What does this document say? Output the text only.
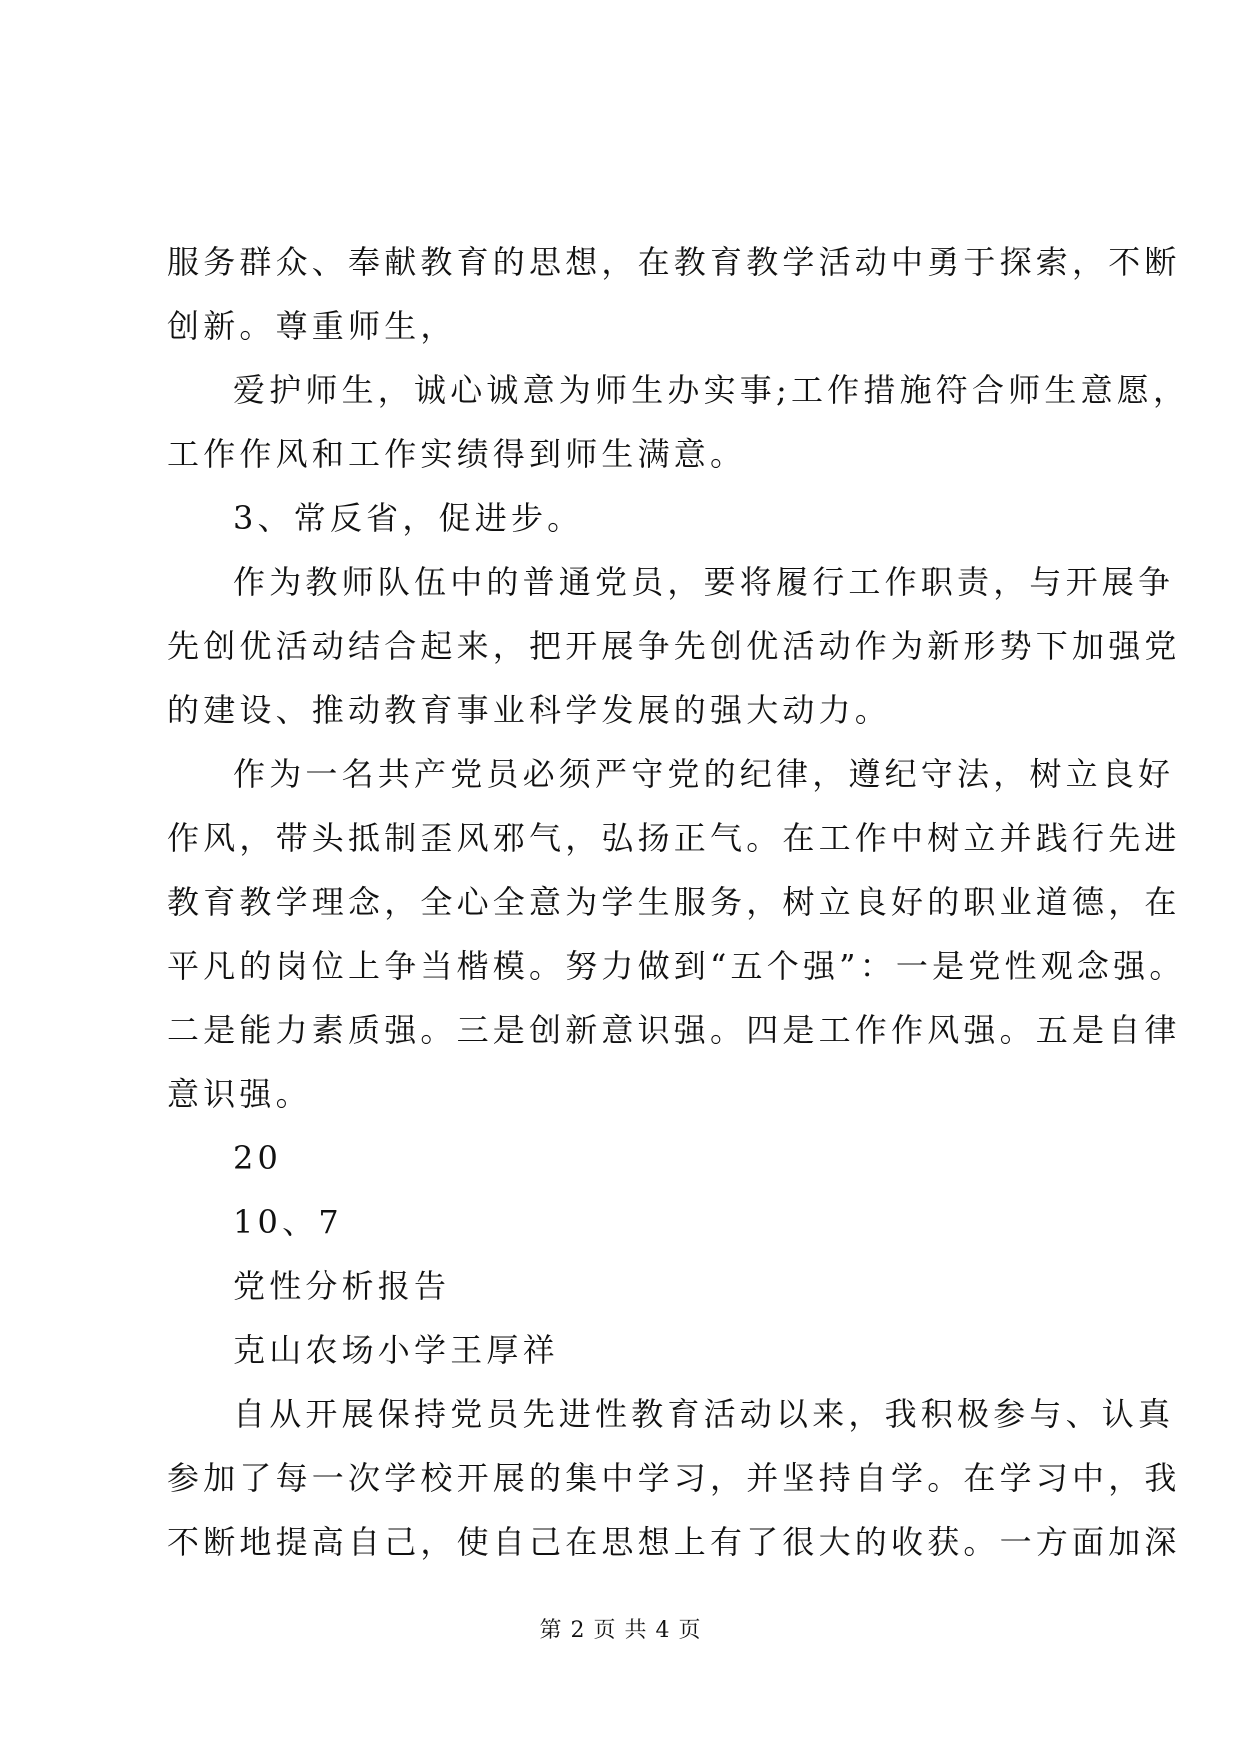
服务群众、奉献教育的思想，在教育教学活动中勇于探索，不断
创新。尊重师生，
爱护师生，诚心诚意为师生办实事;工作措施符合师生意愿，
工作作风和工作实绩得到师生满意。
3、常反省，促进步。
作为教师队伍中的普通党员，要将履行工作职责，与开展争
先创优活动结合起来，把开展争先创优活动作为新形势下加强党
的建设、推动教育事业科学发展的强大动力。
作为一名共产党员必须严守党的纪律，遵纪守法，树立良好
作风，带头抵制歪风邪气，弘扬正气。在工作中树立并践行先进
教育教学理念，全心全意为学生服务，树立良好的职业道德，在
平凡的岗位上争当楷模。努力做到“五个强”：一是党性观念强。
二是能力素质强。三是创新意识强。四是工作作风强。五是自律
意识强。
20
10、7
党性分析报告
克山农场小学王厚祥
自从开展保持党员先进性教育活动以来，我积极参与、认真
参加了每一次学校开展的集中学习，并坚持自学。在学习中，我
不断地提高自己，使自己在思想上有了很大的收获。一方面加深
第 2 页 共 4 页
